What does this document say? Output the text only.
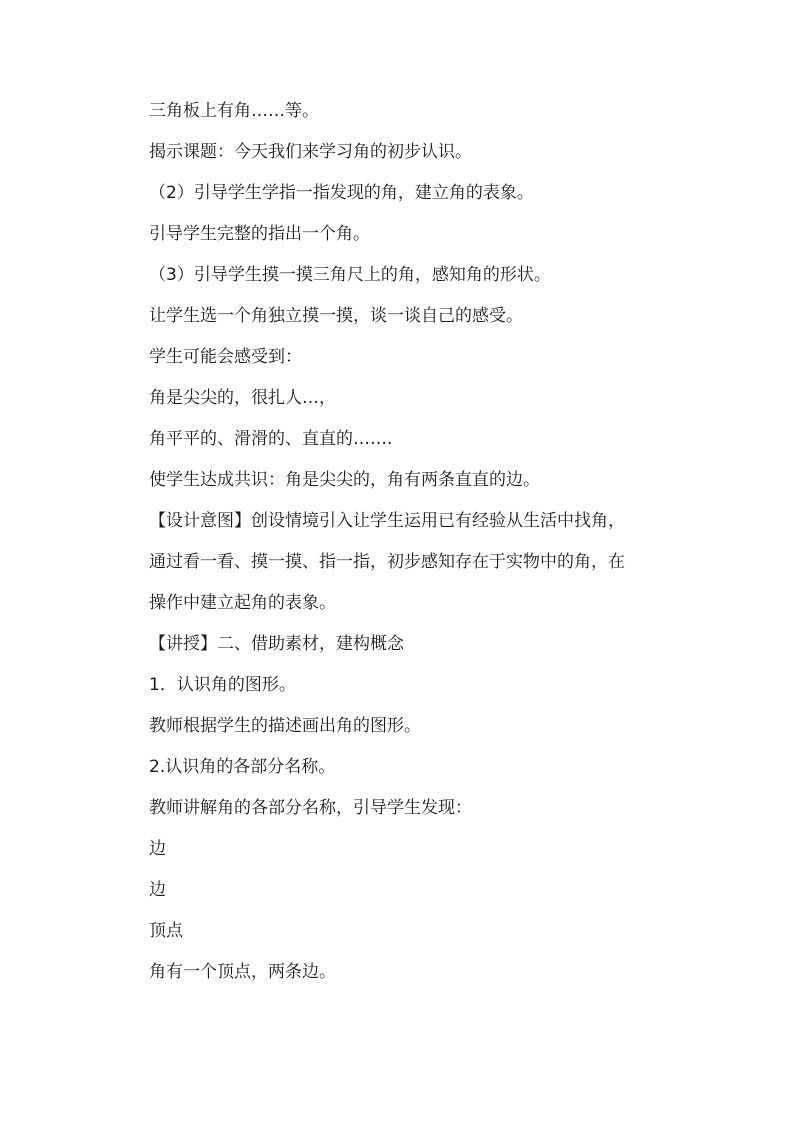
三角板上有角……等。
揭示课题：今天我们来学习角的初步认识。
（2）引导学生学指一指发现的角，建立角的表象。
引导学生完整的指出一个角。
（3）引导学生摸一摸三角尺上的角，感知角的形状。
让学生选一个角独立摸一摸，谈一谈自己的感受。
学生可能会感受到：
角是尖尖的，很扎人…，
角平平的、滑滑的、直直的…….
使学生达成共识：角是尖尖的，角有两条直直的边。
【设计意图】创设情境引入让学生运用已有经验从生活中找角，
通过看一看、摸一摸、指一指，初步感知存在于实物中的角，在
操作中建立起角的表象。
【讲授】二、借助素材，建构概念
1．认识角的图形。
教师根据学生的描述画出角的图形。
2.认识角的各部分名称。
教师讲解角的各部分名称，引导学生发现：
边
边
顶点
角有一个顶点，两条边。
